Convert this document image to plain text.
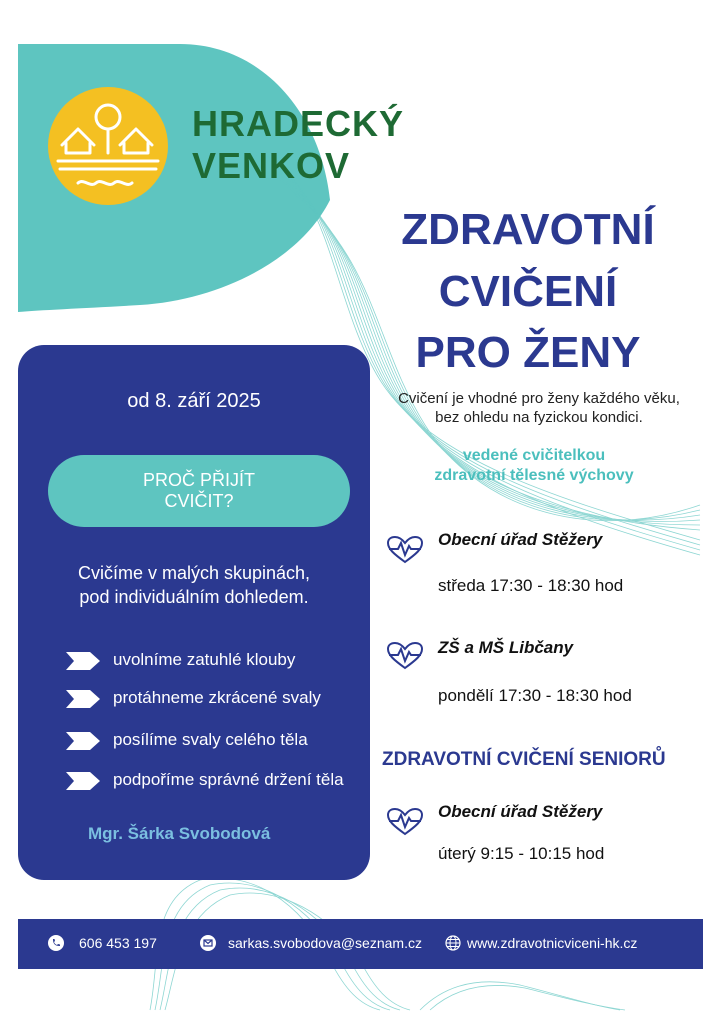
HRADECKÝ
VENKOV
ZDRAVOTNÍ
CVIČENÍ
PRO ŽENY
Cvičení je vhodné pro ženy každého věku,
bez ohledu na fyzickou kondici.
vedené cvičitelkou
zdravotní tělesné výchovy
od 8. září 2025
PROČ PŘIJÍT
CVIČIT?
Cvičíme v malých skupinách,
pod individuálním dohledem.
uvolníme zatuhlé klouby
protáhneme zkrácené svaly
posílíme svaly celého těla
podpoříme správné držení těla
Mgr. Šárka Svobodová
Obecní úřad Stěžery
středa 17:30 - 18:30 hod
ZŠ a MŠ Libčany
pondělí 17:30 - 18:30 hod
ZDRAVOTNÍ CVIČENÍ SENIORŮ
Obecní úřad Stěžery
úterý 9:15 - 10:15 hod
606 453 197	sarkas.svobodova@seznam.cz	www.zdravotnicviceni-hk.cz
